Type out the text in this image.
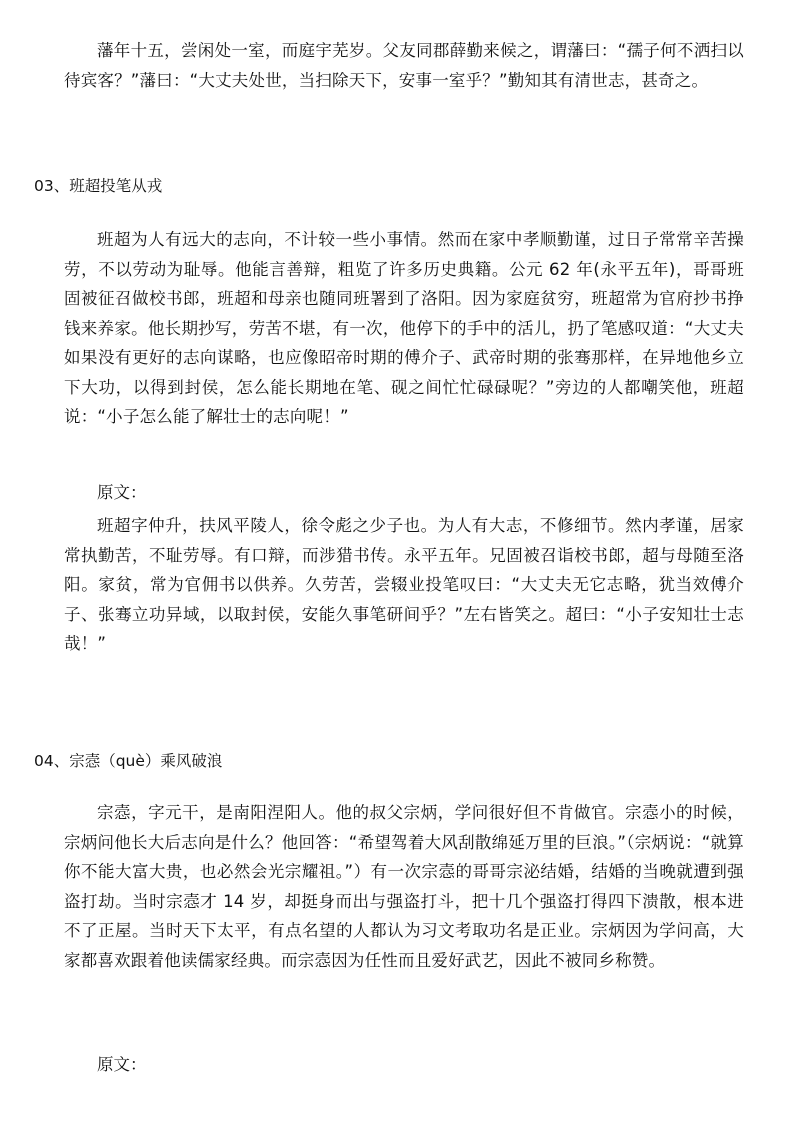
藩年十五，尝闲处一室，而庭宇芜岁。父友同郡薛勤来候之，谓藩曰：“孺子何不洒扫以待宾客？”藩曰：“大丈夫处世，当扫除天下，安事一室乎？”勤知其有清世志，甚奇之。

03、班超投笔从戎

班超为人有远大的志向，不计较一些小事情。然而在家中孝顺勤谨，过日子常常辛苦操劳，不以劳动为耻辱。他能言善辩，粗览了许多历史典籍。公元 62 年(永平五年)，哥哥班固被征召做校书郎，班超和母亲也随同班署到了洛阳。因为家庭贫穷，班超常为官府抄书挣钱来养家。他长期抄写，劳苦不堪，有一次，他停下的手中的活儿，扔了笔感叹道：“大丈夫如果没有更好的志向谋略，也应像昭帝时期的傅介子、武帝时期的张骞那样，在异地他乡立下大功，以得到封侯，怎么能长期地在笔、砚之间忙忙碌碌呢？”旁边的人都嘲笑他，班超说：“小子怎么能了解壮士的志向呢！”

原文：

班超字仲升，扶风平陵人，徐令彪之少子也。为人有大志，不修细节。然内孝谨，居家常执勤苦，不耻劳辱。有口辩，而涉猎书传。永平五年。兄固被召诣校书郎，超与母随至洛阳。家贫，常为官佣书以供养。久劳苦，尝辍业投笔叹曰：“大丈夫无它志略，犹当效傅介子、张骞立功异域，以取封侯，安能久事笔研间乎？”左右皆笑之。超曰：“小子安知壮士志哉！”

04、宗悫（què）乘风破浪

宗悫，字元干，是南阳涅阳人。他的叔父宗炳，学问很好但不肯做官。宗悫小的时候，宗炳问他长大后志向是什么？他回答：“希望驾着大风刮散绵延万里的巨浪。”（宗炳说：“就算你不能大富大贵，也必然会光宗耀祖。”）有一次宗悫的哥哥宗泌结婚，结婚的当晚就遭到强盗打劫。当时宗悫才 14 岁，却挺身而出与强盗打斗，把十几个强盗打得四下溃散，根本进不了正屋。当时天下太平，有点名望的人都认为习文考取功名是正业。宗炳因为学问高，大家都喜欢跟着他读儒家经典。而宗悫因为任性而且爱好武艺，因此不被同乡称赞。

原文：
